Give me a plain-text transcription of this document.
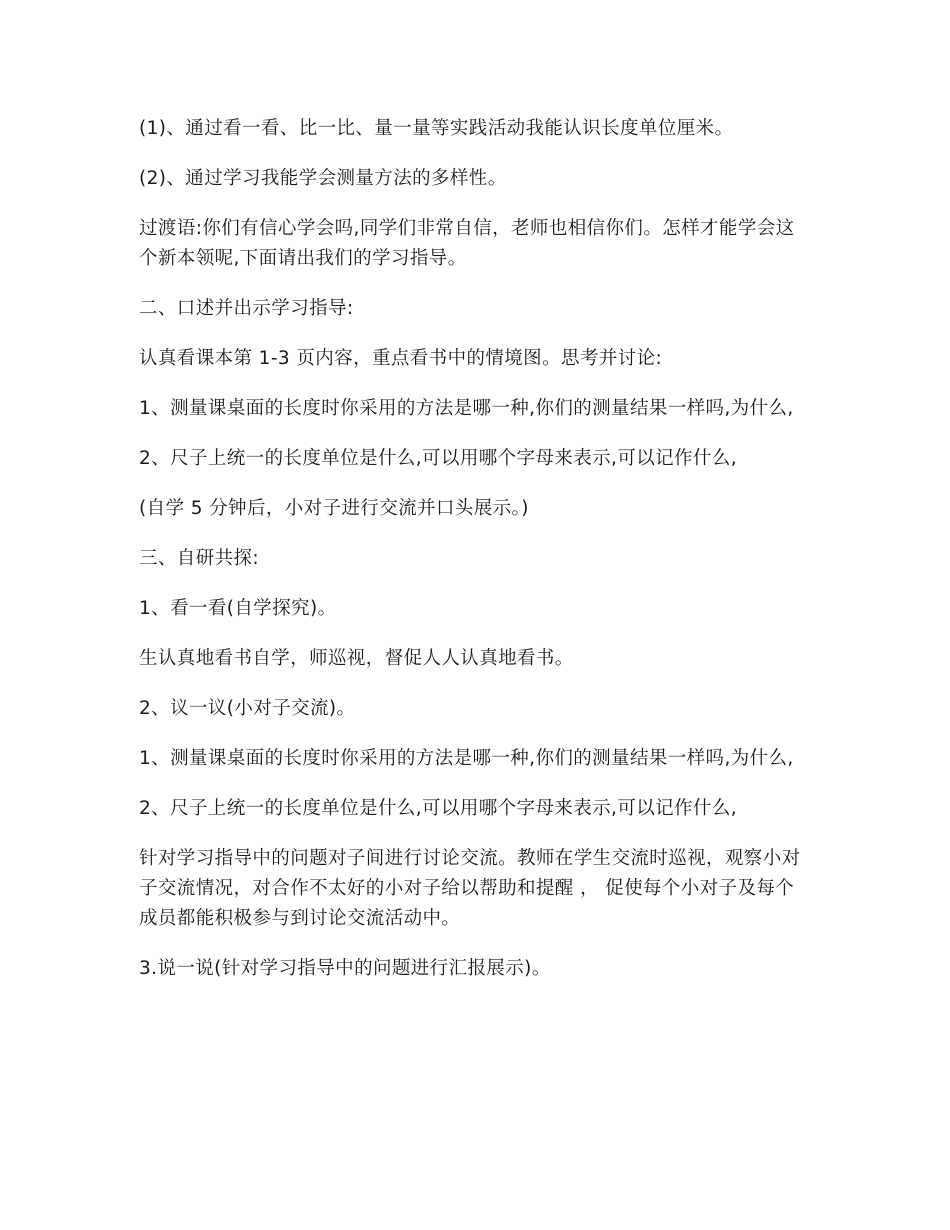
(1)、通过看一看、比一比、量一量等实践活动我能认识长度单位厘米。

(2)、通过学习我能学会测量方法的多样性。

过渡语:你们有信心学会吗,同学们非常自信，老师也相信你们。怎样才能学会这个新本领呢,下面请出我们的学习指导。

二、口述并出示学习指导:

认真看课本第 1-3 页内容，重点看书中的情境图。思考并讨论:

1、测量课桌面的长度时你采用的方法是哪一种,你们的测量结果一样吗,为什么,

2、尺子上统一的长度单位是什么,可以用哪个字母来表示,可以记作什么,

(自学 5 分钟后，小对子进行交流并口头展示。)

三、自研共探:

1、看一看(自学探究)。

生认真地看书自学，师巡视，督促人人认真地看书。

2、议一议(小对子交流)。

1、测量课桌面的长度时你采用的方法是哪一种,你们的测量结果一样吗,为什么,

2、尺子上统一的长度单位是什么,可以用哪个字母来表示,可以记作什么,

针对学习指导中的问题对子间进行讨论交流。教师在学生交流时巡视，观察小对子交流情况，对合作不太好的小对子给以帮助和提醒 ， 促使每个小对子及每个成员都能积极参与到讨论交流活动中。

3.说一说(针对学习指导中的问题进行汇报展示)。
